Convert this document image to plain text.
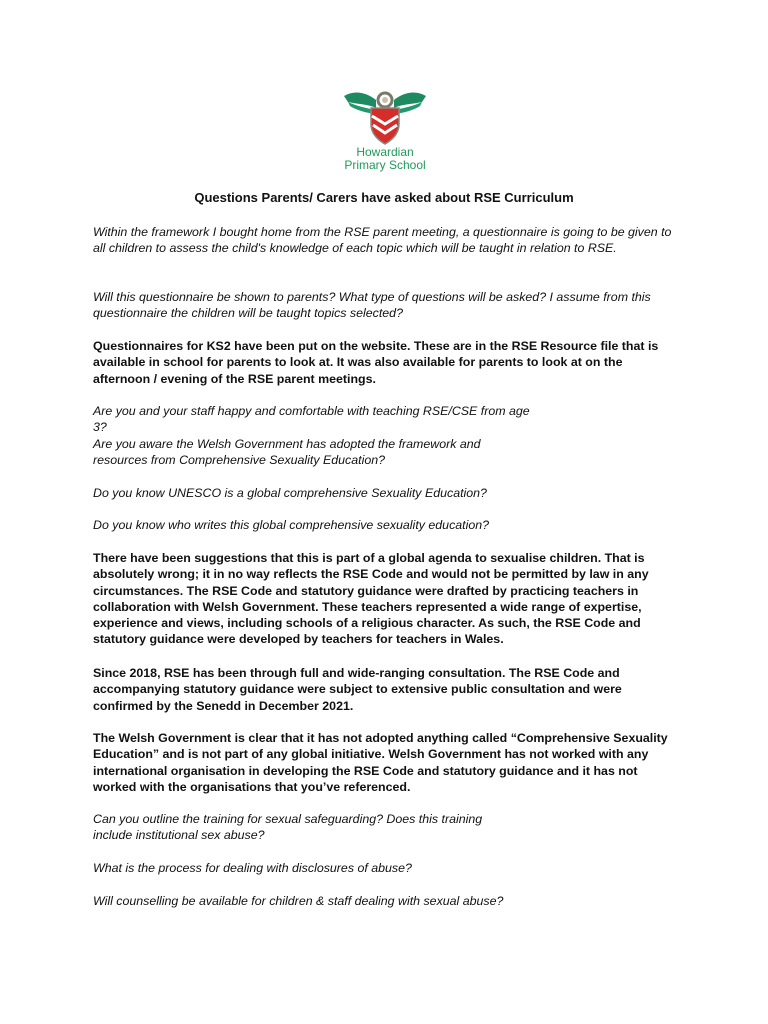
Howardian
Primary School
Questions Parents/ Carers have asked about RSE Curriculum

Within the framework I bought home from the RSE parent meeting, a questionnaire is going to be given to all children to assess the child's knowledge of each topic which will be taught in relation to RSE.

Will this questionnaire be shown to parents? What type of questions will be asked? I assume from this questionnaire the children will be taught topics selected?

Questionnaires for KS2 have been put on the website. These are in the RSE Resource file that is available in school for parents to look at. It was also available for parents to look at on the afternoon / evening of the RSE parent meetings.

Are you and your staff happy and comfortable with teaching RSE/CSE from age 3?

Are you aware the Welsh Government has adopted the framework and resources from Comprehensive Sexuality Education?

Do you know UNESCO is a global comprehensive Sexuality Education?

Do you know who writes this global comprehensive sexuality education?

There have been suggestions that this is part of a global agenda to sexualise children. That is absolutely wrong; it in no way reflects the RSE Code and would not be permitted by law in any circumstances. The RSE Code and statutory guidance were drafted by practicing teachers in collaboration with Welsh Government. These teachers represented a wide range of expertise, experience and views, including schools of a religious character. As such, the RSE Code and statutory guidance were developed by teachers for teachers in Wales.

Since 2018, RSE has been through full and wide-ranging consultation. The RSE Code and accompanying statutory guidance were subject to extensive public consultation and were confirmed by the Senedd in December 2021.

The Welsh Government is clear that it has not adopted anything called “Comprehensive Sexuality Education” and is not part of any global initiative. Welsh Government has not worked with any international organisation in developing the RSE Code and statutory guidance and it has not worked with the organisations that you’ve referenced.

Can you outline the training for sexual safeguarding? Does this training include institutional sex abuse?

What is the process for dealing with disclosures of abuse?

Will counselling be available for children & staff dealing with sexual abuse?
